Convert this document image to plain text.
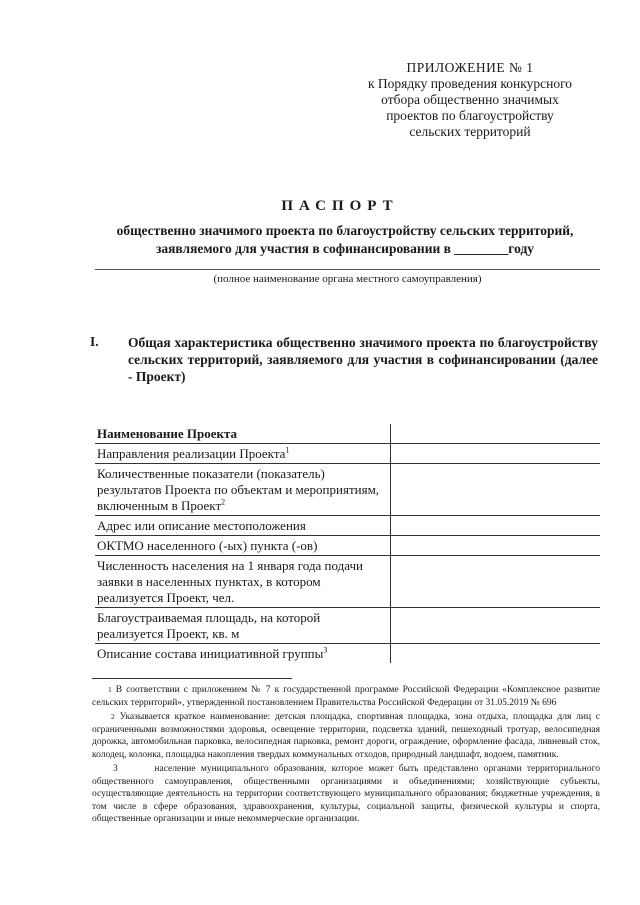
ПРИЛОЖЕНИЕ № 1
к Порядку проведения конкурсного
отбора общественно значимых
проектов по благоустройству
сельских территорий
ПАСПОРТ
общественно значимого проекта по благоустройству сельских территорий,
заявляемого для участия в софинансировании в ________году
(полное наименование органа местного самоуправления)
I. Общая характеристика общественно значимого проекта по благоустройству сельских территорий, заявляемого для участия в софинансировании (далее - Проект)
Наименование Проекта	
Направления реализации Проекта$^1$	
Количественные показатели (показатель) результатов Проекта по объектам и мероприятиям, включенным в Проект$^2$	
Адрес или описание местоположения	
ОКТМО населенного (-ых) пункта (-ов)	
Численность населения на 1 января года подачи заявки в населенных пунктах, в котором реализуется Проект, чел.	
Благоустраиваемая площадь, на которой реализуется Проект, кв. м	
Описание состава инициативной группы$^3$	

$^1$ В соответствии с приложением № 7 к государственной программе Российской Федерации «Комплексное развитие сельских территорий», утвержденной постановлением Правительства Российской Федерации от 31.05.2019 № 696

$^2$ Указывается краткое наименование: детская площадка, спортивная площадка, зона отдыха, площадка для лиц с ограниченными возможностями здоровья, освещение территории, подсветка зданий, пешеходный тротуар, велосипедная дорожка, автомобильная парковка, велосипедная парковка, ремонт дороги, ограждение, оформление фасада, ливневый сток, колодец, колонка, площадка накопления твердых коммунальных отходов, природный ландшафт, водоем, памятник.

3	население муниципального образования, которое может быть представлено органами территориального общественного самоуправления, общественными организациями и объединениями; хозяйствующие субъекты, осуществляющие деятельность на территории соответствующего муниципального образования; бюджетные учреждения, в том числе в сфере образования, здравоохранения, культуры, социальной защиты, физической культуры и спорта, общественные организации и иные некоммерческие организации.
